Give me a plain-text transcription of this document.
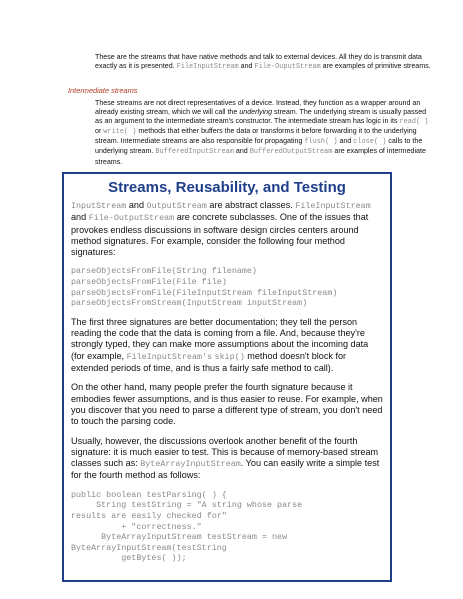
These are the streams that have native methods and talk to external devices. All they do is transmit data exactly as it is presented. FileInputStream and File-OuputStream are examples of primitive streams.

Intermediate streams

These streams are not direct representatives of a device. Instead, they function as a wrapper around an already existing stream, which we will call the underlying stream. The underlying stream is usually passed as an argument to the intermediate stream's constructor. The intermediate stream has logic in its read( ) or write( ) methods that either buffers the data or transforms it before forwarding it to the underlying stream. Intermediate streams are also responsible for propagating flush( ) and close( ) calls to the underlying stream. BufferedInputStream and BufferedOutputStream are examples of intermediate streams.

Streams, Reusability, and Testing

InputStream and OutputStream are abstract classes. FileInputStream and File-OutputStream are concrete subclasses. One of the issues that provokes endless discussions in software design circles centers around method signatures. For example, consider the following four method signatures:

parseObjectsFromFile(String filename)
parseObjectsFromFile(File file)
parseObjectsFromFile(FileInputStream fileInputStream)
parseObjectsFromStream(InputStream inputStream)

The first three signatures are better documentation; they tell the person reading the code that the data is coming from a file. And, because they're strongly typed, they can make more assumptions about the incoming data (for example, FileInputStream's skip() method doesn't block for extended periods of time, and is thus a fairly safe method to call).

On the other hand, many people prefer the fourth signature because it embodies fewer assumptions, and is thus easier to reuse. For example, when you discover that you need to parse a different type of stream, you don't need to touch the parsing code.

Usually, however, the discussions overlook another benefit of the fourth signature: it is much easier to test. This is because of memory-based stream classes such as: ByteArrayInputStream. You can easily write a simple test for the fourth method as follows:

public boolean testParsing( ) {
String testString = "A string whose parse
results are easily checked for"
+ "correctness."
ByteArrayInputStream testStream = new
ByteArrayInputStream(testString
getBytes( ));
